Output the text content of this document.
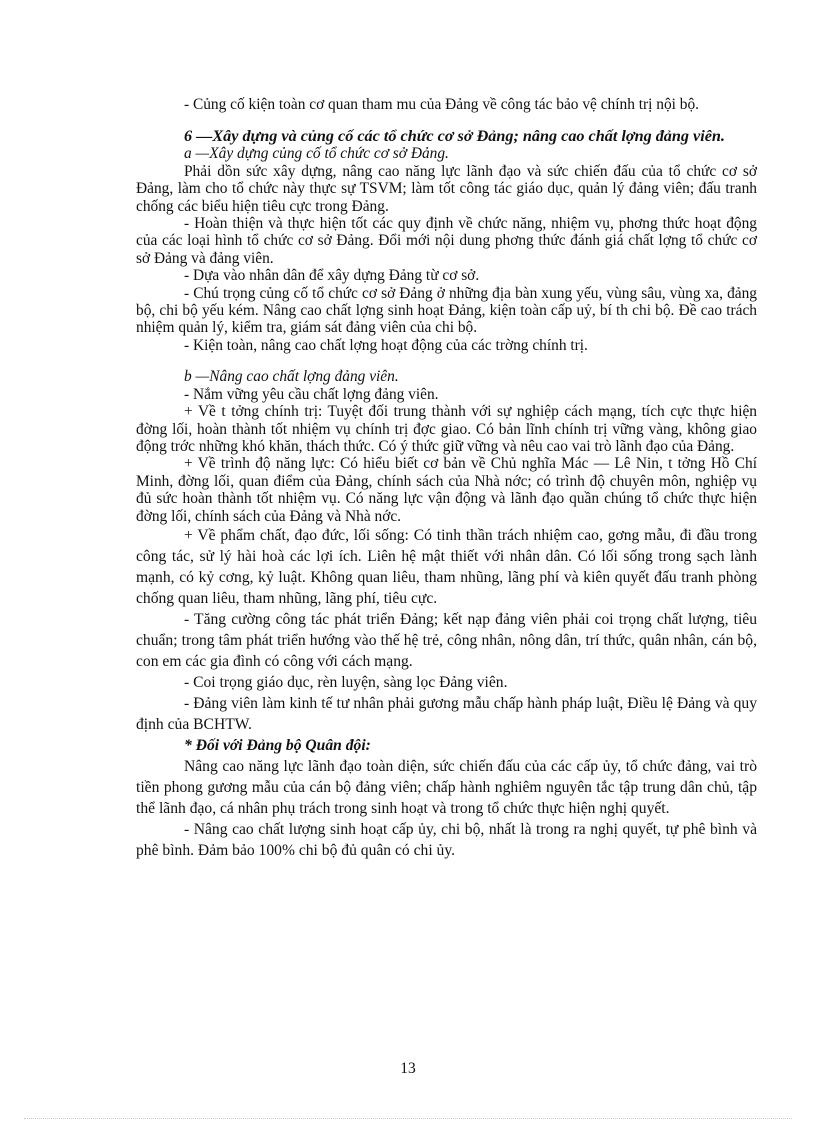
- Củng cố kiện toàn cơ quan tham mu của Đảng về công tác bảo vệ chính trị nội bộ.

6 —Xây dựng và củng cố các tổ chức cơ sở Đảng; nâng cao chất lợng đảng viên.

a —Xây dựng củng cố tổ chức cơ sở Đảng.

Phải dồn sức xây dựng, nâng cao năng lực lãnh đạo và sức chiến đấu của tổ chức cơ sở Đảng, làm cho tổ chức này thực sự TSVM; làm tốt công tác giáo dục, quản lý đảng viên; đấu tranh chống các biểu hiện tiêu cực trong Đảng.

- Hoàn thiện và thực hiện tốt các quy định về chức năng, nhiệm vụ, phơng thức hoạt động của các loại hình tổ chức cơ sở Đảng. Đổi mới nội dung phơng thức đánh giá chất lợng tổ chức cơ sở Đảng và đảng viên.

- Dựa vào nhân dân để xây dựng Đảng từ cơ sở.

- Chú trọng củng cố tổ chức cơ sở Đảng ở những địa bàn xung yếu, vùng sâu, vùng xa, đảng bộ, chi bộ yếu kém. Nâng cao chất lợng sinh hoạt Đảng, kiện toàn cấp uỷ, bí th chi bộ. Đề cao trách nhiệm quản lý, kiểm tra, giám sát đảng viên của chi bộ.

- Kiện toàn, nâng cao chất lợng hoạt động của các trờng chính trị.

b —Nâng cao chất lợng đảng viên.

- Nắm vững yêu cầu chất lợng đảng viên.

+ Về t tởng chính trị: Tuyệt đối trung thành với sự nghiệp cách mạng, tích cực thực hiện đờng lối, hoàn thành tốt nhiệm vụ chính trị đợc giao. Có bản lĩnh chính trị vững vàng, không giao động trớc những khó khăn, thách thức. Có ý thức giữ vững và nêu cao vai trò lãnh đạo của Đảng.

+ Về trình độ năng lực: Có hiểu biết cơ bản về Chủ nghĩa Mác — Lê Nin, t tởng Hồ Chí Minh, đờng lối, quan điểm của Đảng, chính sách của Nhà nớc; có trình độ chuyên môn, nghiệp vụ đủ sức hoàn thành tốt nhiệm vụ. Có năng lực vận động và lãnh đạo quần chúng tổ chức thực hiện đờng lối, chính sách của Đảng và Nhà nớc.

+ Về phẩm chất, đạo đức, lối sống: Có tinh thần trách nhiệm cao, gơng mẫu, đi đầu trong công tác, sử lý hài hoà các lợi ích. Liên hệ mật thiết với nhân dân. Có lối sống trong sạch lành mạnh, có kỷ cơng, kỷ luật. Không quan liêu, tham nhũng, lãng phí và kiên quyết đấu tranh phòng chống quan liêu, tham nhũng, lãng phí, tiêu cực.

- Tăng cường công tác phát triển Đảng; kết nạp đảng viên phải coi trọng chất lượng, tiêu chuẩn; trong tâm phát triển hướng vào thế hệ trẻ, công nhân, nông dân, trí thức, quân nhân, cán bộ, con em các gia đình có công với cách mạng.

- Coi trọng giáo dục, rèn luyện, sàng lọc Đảng viên.

- Đảng viên làm kinh tế tư nhân phải gương mẫu chấp hành pháp luật, Điều lệ Đảng và quy định của BCHTW.

* Đối với Đảng bộ Quân đội:

Nâng cao năng lực lãnh đạo toàn diện, sức chiến đấu của các cấp ủy, tổ chức đảng, vai trò tiền phong gương mẫu của cán bộ đảng viên; chấp hành nghiêm nguyên tắc tập trung dân chủ, tập thể lãnh đạo, cá nhân phụ trách trong sinh hoạt và trong tổ chức thực hiện nghị quyết.

- Nâng cao chất lượng sinh hoạt cấp ủy, chi bộ, nhất là trong ra nghị quyết, tự phê bình và phê bình. Đảm bảo 100% chi bộ đủ quân có chi ủy.

13
